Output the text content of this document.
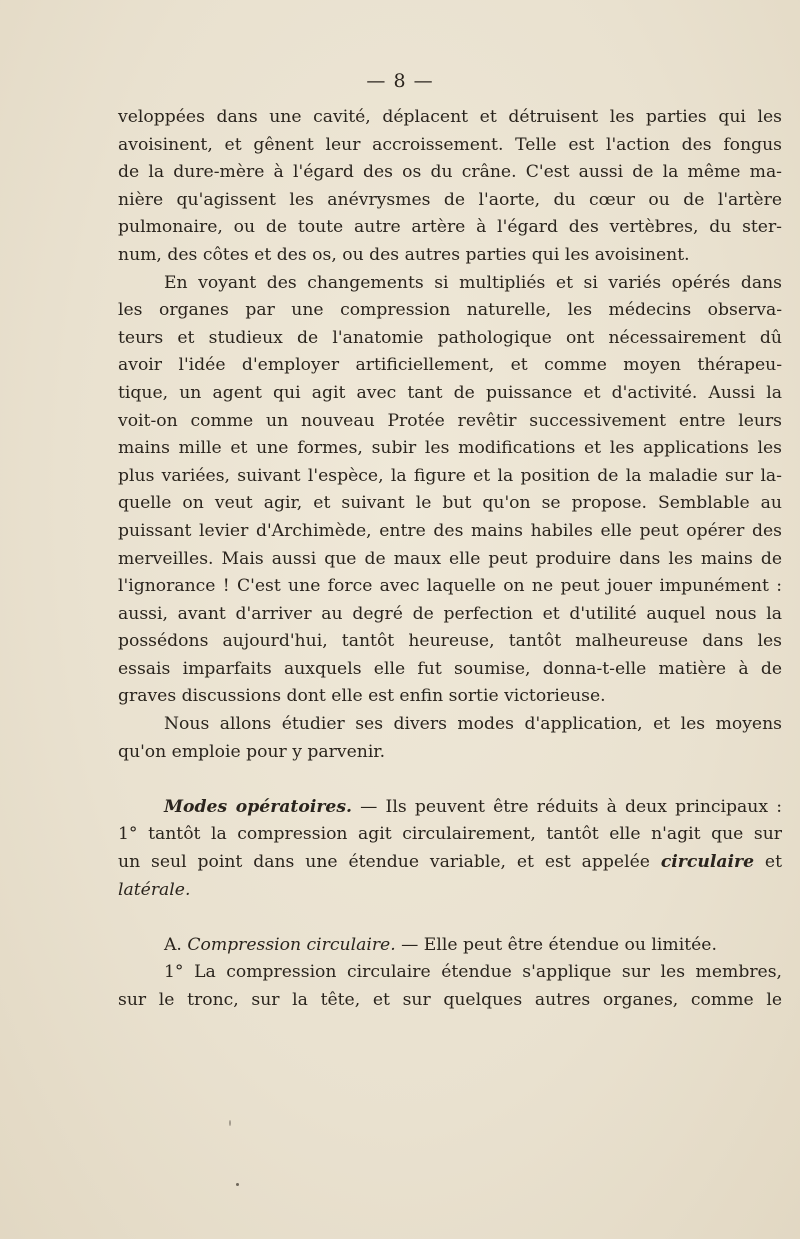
— 8 —
veloppées dans une cavité, déplacent et détruisent les parties qui les
avoisinent, et gênent leur accroissement. Telle est l'action des fongus
de la dure-mère à l'égard des os du crâne. C'est aussi de la même ma-
nière qu'agissent les anévrysmes de l'aorte, du cœur ou de l'artère
pulmonaire, ou de toute autre artère à l'égard des vertèbres, du ster-
num, des côtes et des os, ou des autres parties qui les avoisinent.
En voyant des changements si multipliés et si variés opérés dans
les organes par une compression naturelle, les médecins observa-
teurs et studieux de l'anatomie pathologique ont nécessairement dû
avoir l'idée d'employer artificiellement, et comme moyen thérapeu-
tique, un agent qui agit avec tant de puissance et d'activité. Aussi la
voit-on comme un nouveau Protée revêtir successivement entre leurs
mains mille et une formes, subir les modifications et les applications les
plus variées, suivant l'espèce, la figure et la position de la maladie sur la-
quelle on veut agir, et suivant le but qu'on se propose. Semblable au
puissant levier d'Archimède, entre des mains habiles elle peut opérer des
merveilles. Mais aussi que de maux elle peut produire dans les mains de
l'ignorance ! C'est une force avec laquelle on ne peut jouer impunément :
aussi, avant d'arriver au degré de perfection et d'utilité auquel nous la
possédons aujourd'hui, tantôt heureuse, tantôt malheureuse dans les
essais imparfaits auxquels elle fut soumise, donna-t-elle matière à de
graves discussions dont elle est enfin sortie victorieuse.
Nous allons étudier ses divers modes d'application, et les moyens
qu'on emploie pour y parvenir.
Modes opératoires. — Ils peuvent être réduits à deux principaux :
1° tantôt la compression agit circulairement, tantôt elle n'agit que sur
un seul point dans une étendue variable, et est appelée circulaire et
latérale.
A. Compression circulaire. — Elle peut être étendue ou limitée.
1° La compression circulaire étendue s'applique sur les membres,
sur le tronc, sur la tête, et sur quelques autres organes, comme le
